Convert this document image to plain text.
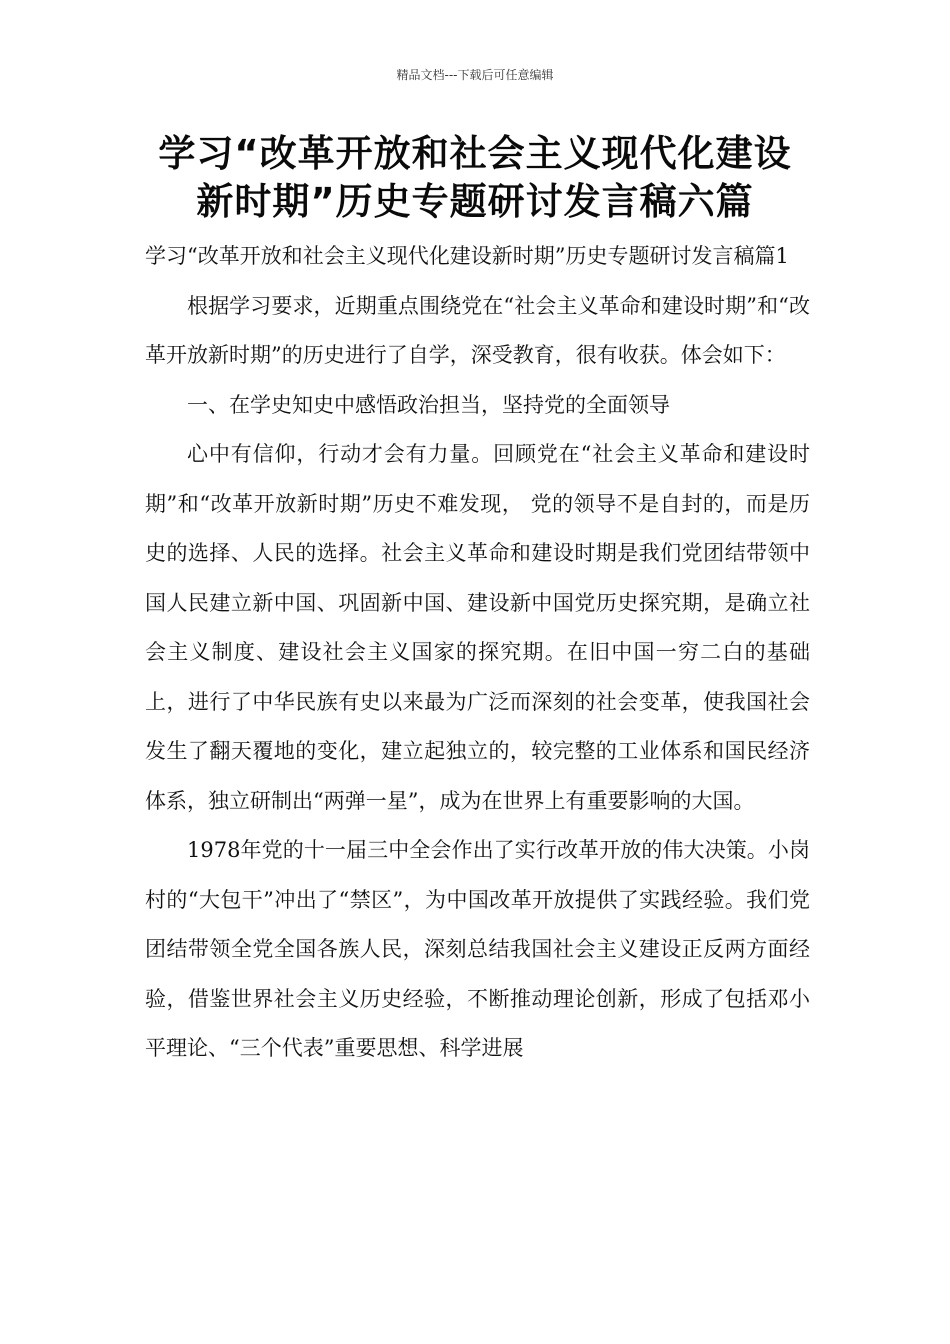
精品文档---下载后可任意编辑
学习“改革开放和社会主义现代化建设
新时期”历史专题研讨发言稿六篇

学习“改革开放和社会主义现代化建设新时期”历史专题研讨发言稿篇1

根据学习要求，近期重点围绕党在“社会主义革命和建设时期”和“改革开放新时期”的历史进行了自学，深受教育，很有收获。体会如下：

一、在学史知史中感悟政治担当，坚持党的全面领导

心中有信仰，行动才会有力量。回顾党在“社会主义革命和建设时期”和“改革开放新时期”历史不难发现， 党的领导不是自封的，而是历史的选择、人民的选择。社会主义革命和建设时期是我们党团结带领中国人民建立新中国、巩固新中国、建设新中国党历史探究期，是确立社会主义制度、建设社会主义国家的探究期。在旧中国一穷二白的基础上，进行了中华民族有史以来最为广泛而深刻的社会变革，使我国社会发生了翻天覆地的变化，建立起独立的，较完整的工业体系和国民经济体系，独立研制出“两弹一星”，成为在世界上有重要影响的大国。

1978年党的十一届三中全会作出了实行改革开放的伟大决策。小岗村的“大包干”冲出了“禁区”，为中国改革开放提供了实践经验。我们党团结带领全党全国各族人民，深刻总结我国社会主义建设正反两方面经验，借鉴世界社会主义历史经验，不断推动理论创新，形成了包括邓小平理论、“三个代表”重要思想、科学进展
